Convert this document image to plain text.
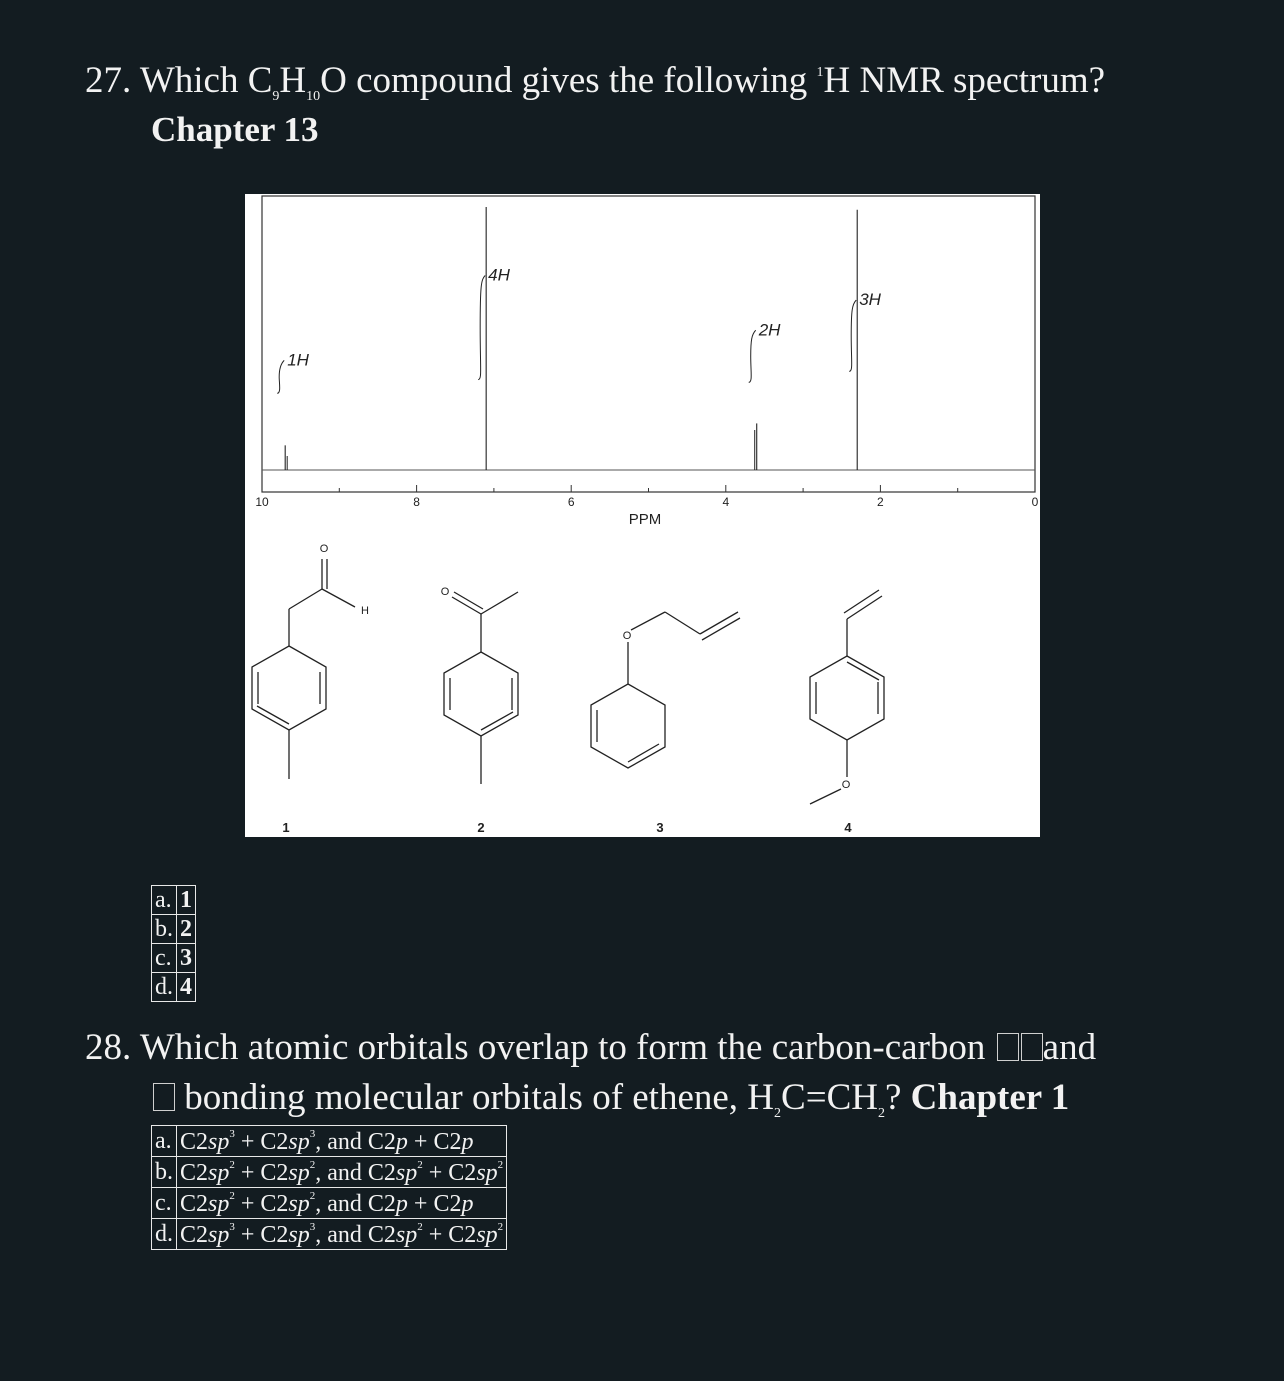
27. Which $C_9H_{10}O$ compound gives the following $^1$H NMR spectrum?
Chapter 13
10	8	6	4	2	0
1H
4H
2H
3H
PPM
O
H
O
O
O
1	2	3	4
a.	1
b.	2
c.	3
d.	4
28. Which atomic orbitals overlap to form the carbon-carbon and
bonding molecular orbitals of ethene, $H_2C=CH_2$? Chapter 1
a.	$C2sp^3 + C2sp^3$, and C2p + C2p
b.	$C2sp^2 + C2sp^2$, and $C2sp^2 + C2sp^2$
c.	$C2sp^2 + C2sp^2$, and C2p + C2p
d.	$C2sp^3 + C2sp^3$, and $C2sp^2 + C2sp^2$
